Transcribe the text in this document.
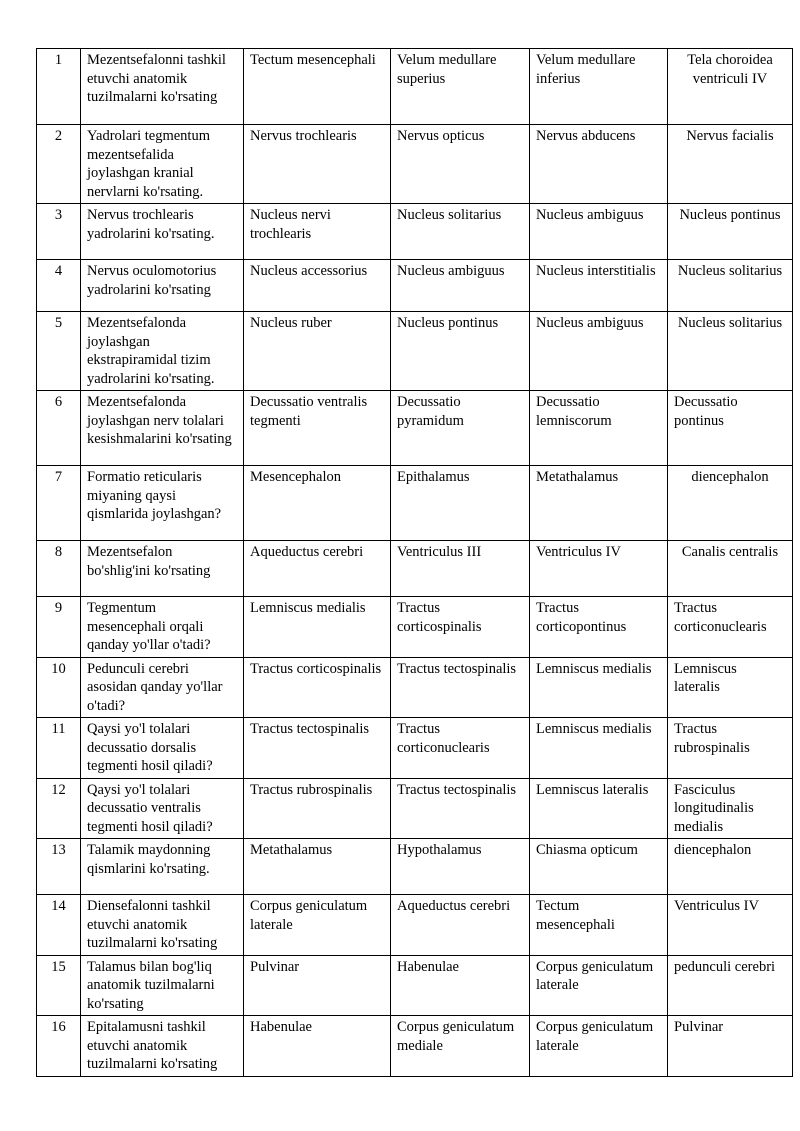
1	Mezentsefalonni tashkil etuvchi anatomik tuzilmalarni ko'rsating	Tectum mesencephali	Velum medullare superius	Velum medullare inferius	Tela choroidea ventriculi IV
2	Yadrolari tegmentum mezentsefalida joylashgan kranial nervlarni ko'rsating.	Nervus trochlearis	Nervus opticus	Nervus abducens	Nervus facialis
3	Nervus trochlearis yadrolarini ko'rsating.	Nucleus nervi trochlearis	Nucleus solitarius	Nucleus ambiguus	Nucleus pontinus
4	Nervus oculomotorius yadrolarini ko'rsating	Nucleus accessorius	Nucleus ambiguus	Nucleus interstitialis	Nucleus solitarius
5	Mezentsefalonda joylashgan ekstrapiramidal tizim yadrolarini ko'rsating.	Nucleus ruber	Nucleus pontinus	Nucleus ambiguus	Nucleus solitarius
6	Mezentsefalonda joylashgan nerv tolalari kesishmalarini ko'rsating	Decussatio ventralis tegmenti	Decussatio pyramidum	Decussatio lemniscorum	Decussatio pontinus
7	Formatio reticularis miyaning qaysi qismlarida joylashgan?	Mesencephalon	Epithalamus	Metathalamus	diencephalon
8	Mezentsefalon bo'shlig'ini ko'rsating	Aqueductus cerebri	Ventriculus III	Ventriculus IV	Canalis centralis
9	Tegmentum mesencephali orqali qanday yo'llar o'tadi?	Lemniscus medialis	Tractus corticospinalis	Tractus corticopontinus	Tractus corticonuclearis
10	Pedunculi cerebri asosidan qanday yo'llar o'tadi?	Tractus corticospinalis	Tractus tectospinalis	Lemniscus medialis	Lemniscus lateralis
11	Qaysi yo'l tolalari decussatio dorsalis tegmenti hosil qiladi?	Tractus tectospinalis	Tractus corticonuclearis	Lemniscus medialis	Tractus rubrospinalis
12	Qaysi yo'l tolalari decussatio ventralis tegmenti hosil qiladi?	Tractus rubrospinalis	Tractus tectospinalis	Lemniscus lateralis	Fasciculus longitudinalis medialis
13	Talamik maydonning qismlarini ko'rsating.	Metathalamus	Hypothalamus	Chiasma opticum	diencephalon
14	Diensefalonni tashkil etuvchi anatomik tuzilmalarni ko'rsating	Corpus geniculatum laterale	Aqueductus cerebri	Tectum mesencephali	Ventriculus IV
15	Talamus bilan bog'liq anatomik tuzilmalarni ko'rsating	Pulvinar	Habenulae	Corpus geniculatum laterale	pedunculi cerebri
16	Epitalamusni tashkil etuvchi anatomik tuzilmalarni ko'rsating	Habenulae	Corpus geniculatum mediale	Corpus geniculatum laterale	Pulvinar
